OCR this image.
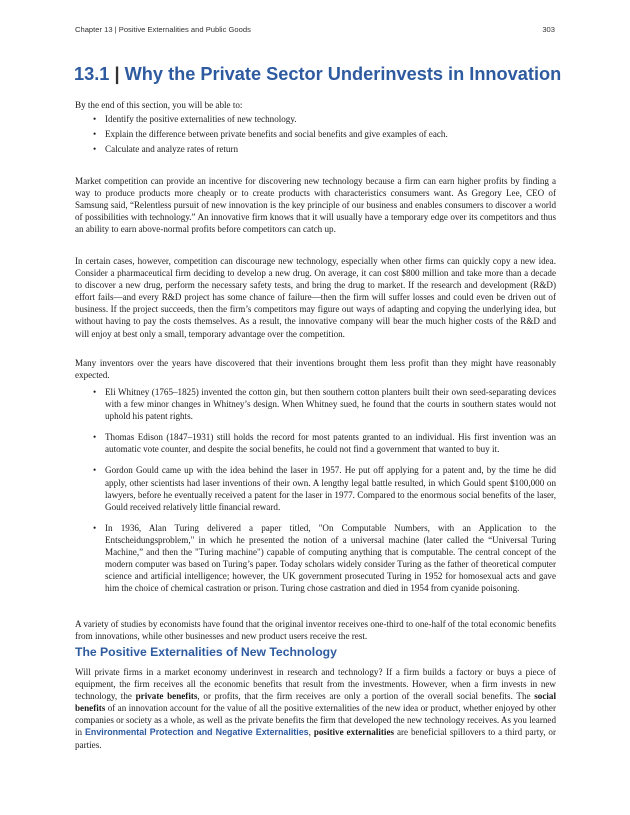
Chapter 13 | Positive Externalities and Public Goods	303
13.1 | Why the Private Sector Underinvests in Innovation
By the end of this section, you will be able to:
• Identify the positive externalities of new technology.
• Explain the difference between private benefits and social benefits and give examples of each.
• Calculate and analyze rates of return

Market competition can provide an incentive for discovering new technology because a firm can earn higher profits by finding a way to produce products more cheaply or to create products with characteristics consumers want. As Gregory Lee, CEO of Samsung said, “Relentless pursuit of new innovation is the key principle of our business and enables consumers to discover a world of possibilities with technology.” An innovative firm knows that it will usually have a temporary edge over its competitors and thus an ability to earn above-normal profits before competitors can catch up.

In certain cases, however, competition can discourage new technology, especially when other firms can quickly copy a new idea. Consider a pharmaceutical firm deciding to develop a new drug. On average, it can cost $800 million and take more than a decade to discover a new drug, perform the necessary safety tests, and bring the drug to market. If the research and development (R&D) effort fails—and every R&D project has some chance of failure—then the firm will suffer losses and could even be driven out of business. If the project succeeds, then the firm’s competitors may figure out ways of adapting and copying the underlying idea, but without having to pay the costs themselves. As a result, the innovative company will bear the much higher costs of the R&D and will enjoy at best only a small, temporary advantage over the competition.

Many inventors over the years have discovered that their inventions brought them less profit than they might have reasonably expected.

• Eli Whitney (1765–1825) invented the cotton gin, but then southern cotton planters built their own seed-separating devices with a few minor changes in Whitney’s design. When Whitney sued, he found that the courts in southern states would not uphold his patent rights.
• Thomas Edison (1847–1931) still holds the record for most patents granted to an individual. His first invention was an automatic vote counter, and despite the social benefits, he could not find a government that wanted to buy it.
• Gordon Gould came up with the idea behind the laser in 1957. He put off applying for a patent and, by the time he did apply, other scientists had laser inventions of their own. A lengthy legal battle resulted, in which Gould spent $100,000 on lawyers, before he eventually received a patent for the laser in 1977. Compared to the enormous social benefits of the laser, Gould received relatively little financial reward.
• In 1936, Alan Turing delivered a paper titled, "On Computable Numbers, with an Application to the Entscheidungsproblem," in which he presented the notion of a universal machine (later called the “Universal Turing Machine,” and then the "Turing machine") capable of computing anything that is computable. The central concept of the modern computer was based on Turing’s paper. Today scholars widely consider Turing as the father of theoretical computer science and artificial intelligence; however, the UK government prosecuted Turing in 1952 for homosexual acts and gave him the choice of chemical castration or prison. Turing chose castration and died in 1954 from cyanide poisoning.

A variety of studies by economists have found that the original inventor receives one-third to one-half of the total economic benefits from innovations, while other businesses and new product users receive the rest.

The Positive Externalities of New Technology

Will private firms in a market economy underinvest in research and technology? If a firm builds a factory or buys a piece of equipment, the firm receives all the economic benefits that result from the investments. However, when a firm invests in new technology, the private benefits, or profits, that the firm receives are only a portion of the overall social benefits. The social benefits of an innovation account for the value of all the positive externalities of the new idea or product, whether enjoyed by other companies or society as a whole, as well as the private benefits the firm that developed the new technology receives. As you learned in Environmental Protection and Negative Externalities, positive externalities are beneficial spillovers to a third party, or parties.
